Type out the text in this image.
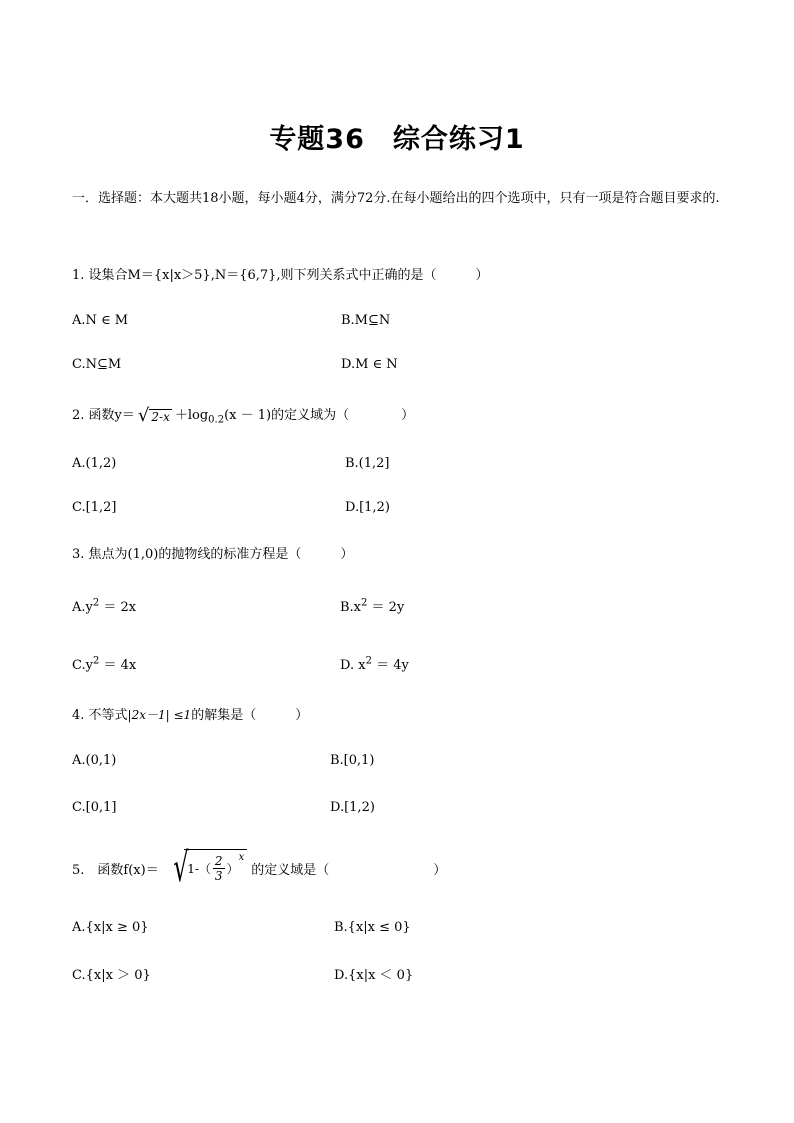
专题36　综合练习1
一．选择题：本大题共18小题，每小题4分，满分72分.在每小题给出的四个选项中，只有一项是符合题目要求的.
1. 设集合M＝{x|x＞5},N＝{6,7},则下列关系式中正确的是（　　　）
A.N ∈ M	B.M⊆N
C.N⊆M	D.M ∈ N
2. 函数y＝ √ $2-x +\log_{0.2}(x - 1)$的定义域为（　　　　）
A.(1,2)	B.(1,2]
C.[1,2]	D.[1,2)
3. 焦点为(1,0)的抛物线的标准方程是（　　　）
$A.y^2 = 2x$	$B.x^2 = 2y$
$C.y^2 = 4x$	D. $x^2 = 4y$
4. 不等式|2x－1| ≤1的解集是（　　　）
A.(0,1)	B.[0,1)
C.[0,1]	D.[1,2)
5.　函数f(x)＝ √ 1- （ $\frac{2}{3}$ ）
$^x$
的定义域是（　　　　　　　　）
A.{x|x ≥ 0}	B.{x|x ≤ 0}
C.{x|x ＞ 0}	D.{x|x ＜ 0}
